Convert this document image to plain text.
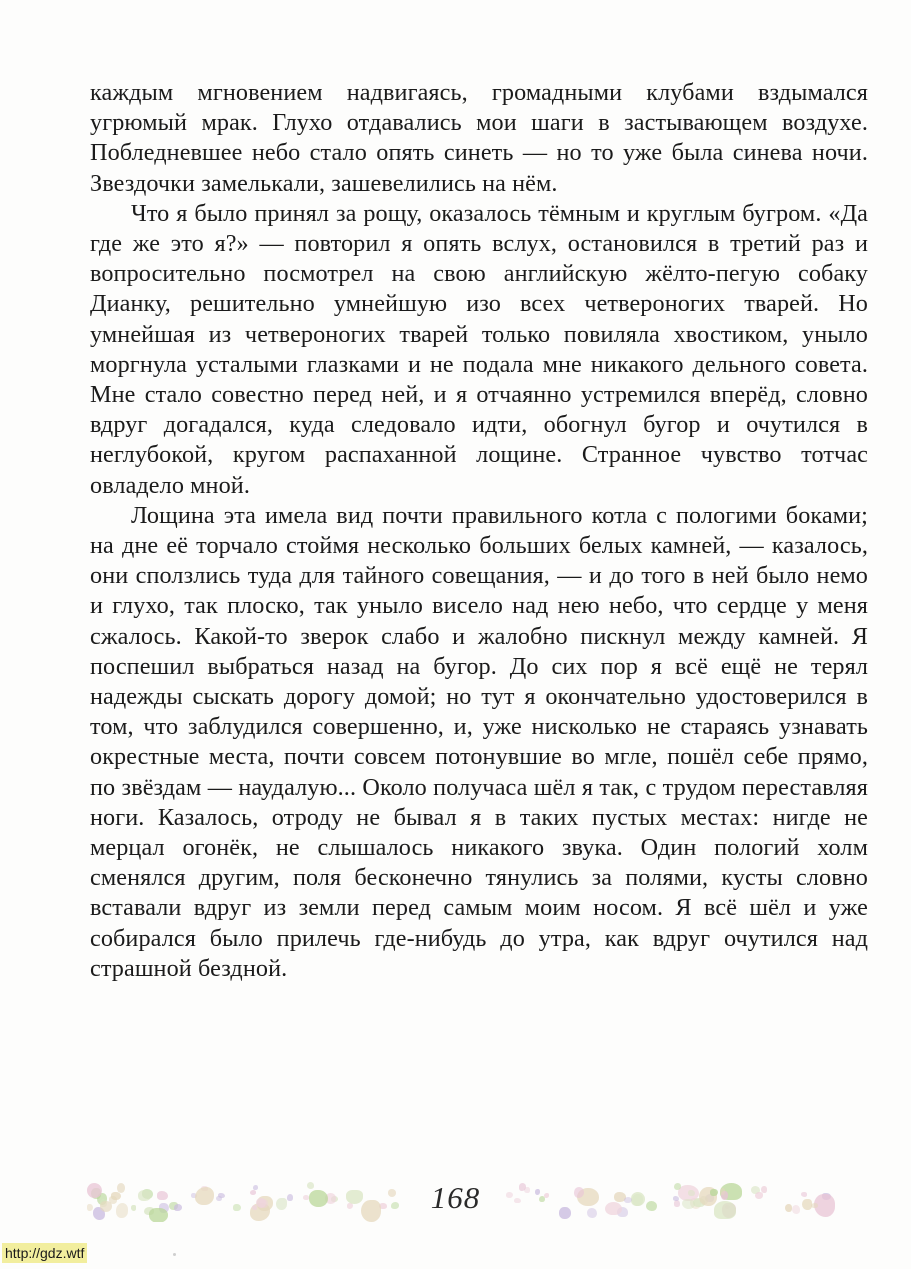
каждым мгновением надвигаясь, громадными клубами вздымался угрюмый мрак. Глухо отдавались мои шаги в застывающем воздухе. Побледневшее небо стало опять синеть — но то уже была синева ночи. Звездочки замелькали, зашевелились на нём.

Что я было принял за рощу, оказалось тёмным и круглым бугром. «Да где же это я?» — повторил я опять вслух, остановился в третий раз и вопросительно посмотрел на свою английскую жёлто-пегую собаку Дианку, решительно умнейшую изо всех четвероногих тварей. Но умнейшая из четвероногих тварей только повиляла хвостиком, уныло моргнула усталыми глазками и не подала мне никакого дельного совета. Мне стало совестно перед ней, и я отчаянно устремился вперёд, словно вдруг догадался, куда следовало идти, обогнул бугор и очутился в неглубокой, кругом распаханной лощине. Странное чувство тотчас овладело мной.

Лощина эта имела вид почти правильного котла с пологими боками; на дне её торчало стоймя несколько больших белых камней, — казалось, они сползлись туда для тайного совещания, — и до того в ней было немо и глухо, так плоско, так уныло висело над нею небо, что сердце у меня сжалось. Какой-то зверок слабо и жалобно пискнул между камней. Я поспешил выбраться назад на бугор. До сих пор я всё ещё не терял надежды сыскать дорогу домой; но тут я окончательно удостоверился в том, что заблудился совершенно, и, уже нисколько не стараясь узнавать окрестные места, почти совсем потонувшие во мгле, пошёл себе прямо, по звёздам — наудалую... Около получаса шёл я так, с трудом переставляя ноги. Казалось, отроду не бывал я в таких пустых местах: нигде не мерцал огонёк, не слышалось никакого звука. Один пологий холм сменялся другим, поля бесконечно тянулись за полями, кусты словно вставали вдруг из земли перед самым моим носом. Я всё шёл и уже собирался было прилечь где-нибудь до утра, как вдруг очутился над страшной бездной.

168
http://gdz.wtf
